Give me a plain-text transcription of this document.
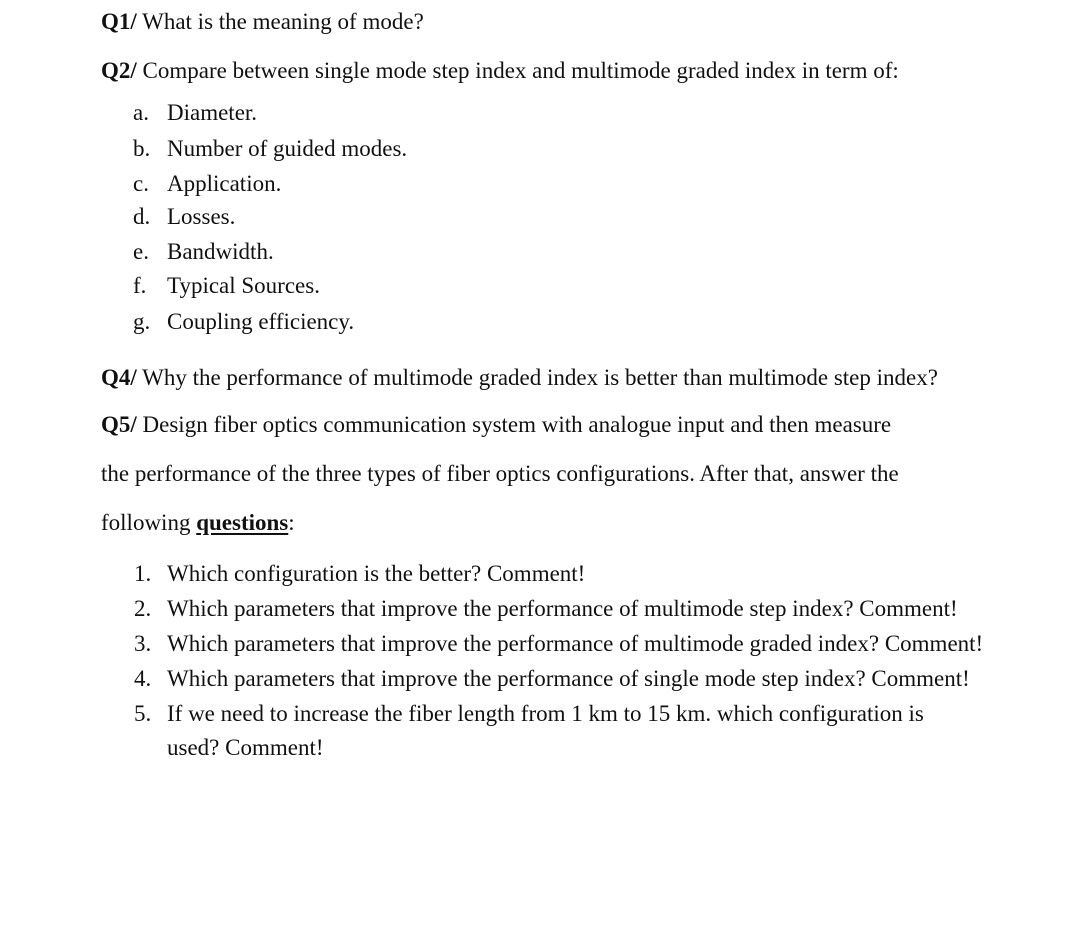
Q1/ What is the meaning of mode?
Q2/ Compare between single mode step index and multimode graded index in term of:
a. Diameter.
b. Number of guided modes.
c. Application.
d. Losses.
e. Bandwidth.
f. Typical Sources.
g. Coupling efficiency.
Q4/ Why the performance of multimode graded index is better than multimode step index?
Q5/ Design fiber optics communication system with analogue input and then measure
the performance of the three types of fiber optics configurations. After that, answer the
following questions:
1. Which configuration is the better? Comment!
2. Which parameters that improve the performance of multimode step index? Comment!
3. Which parameters that improve the performance of multimode graded index? Comment!
4. Which parameters that improve the performance of single mode step index? Comment!
5. If we need to increase the fiber length from 1 km to 15 km. which configuration is
used? Comment!
